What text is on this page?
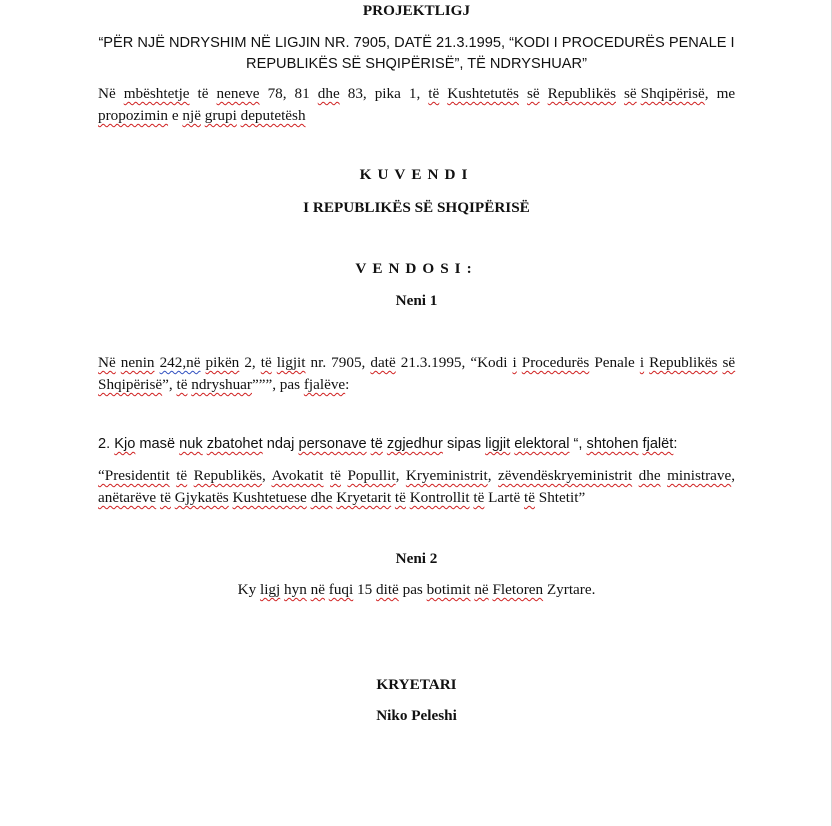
PROJEKTLIGJ
“PËR NJË NDRYSHIM NË LIGJIN NR. 7905, DATË 21.3.1995, “KODI I PROCEDURËS PENALE I REPUBLIKËS SË SHQIPËRISË”, TË NDRYSHUAR”
Në mbështetje të neneve 78, 81 dhe 83, pika 1, të Kushtetutës së Republikës së Shqipërisë, me propozimin e një grupi deputetësh
KUVENDI
I REPUBLIKËS SË SHQIPËRISË
VENDOSI:
Neni 1
Në nenin 242,në pikën 2, të ligjit nr. 7905, datë 21.3.1995, “Kodi i Procedurës Penale i Republikës së Shqipërisë”, të ndryshuar”””, pas fjalëve:
2. Kjo masë nuk zbatohet ndaj personave të zgjedhur sipas ligjit elektoral “, shtohen fjalët:
“Presidentit të Republikës, Avokatit të Popullit, Kryeministrit, zëvendëskryeministrit dhe ministrave, anëtarëve të Gjykatës Kushtetuese dhe Kryetarit të Kontrollit të Lartë të Shtetit”
Neni 2
Ky ligj hyn në fuqi 15 ditë pas botimit në Fletoren Zyrtare.
KRYETARI
Niko Peleshi
